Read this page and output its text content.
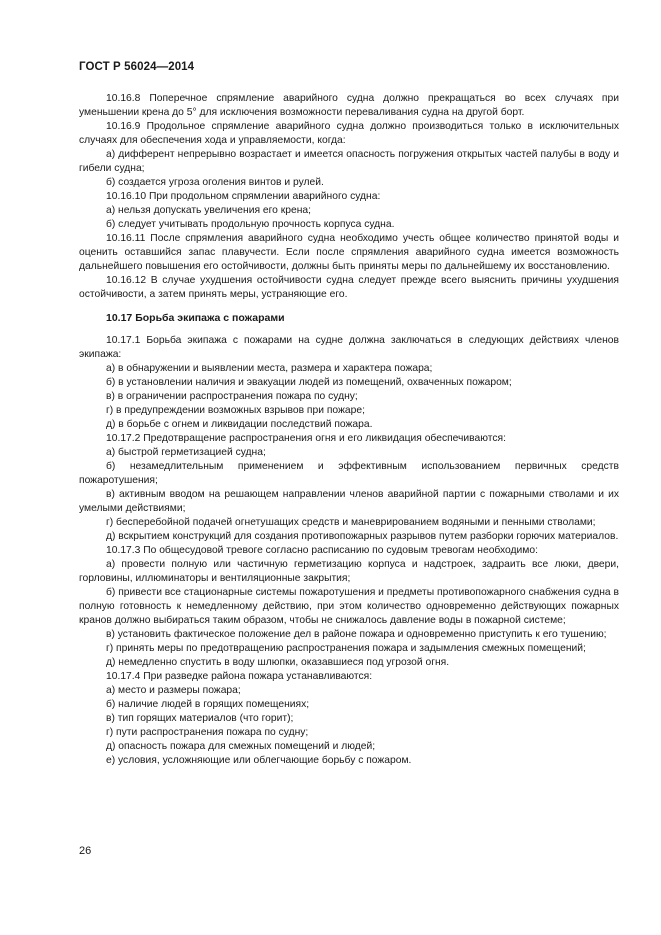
ГОСТ Р 56024—2014

10.16.8 Поперечное спрямление аварийного судна должно прекращаться во всех случаях при уменьшении крена до 5° для исключения возможности переваливания судна на другой борт.

10.16.9 Продольное спрямление аварийного судна должно производиться только в исключительных случаях для обеспечения хода и управляемости, когда:

а) дифферент непрерывно возрастает и имеется опасность погружения открытых частей палубы в воду и гибели судна;

б) создается угроза оголения винтов и рулей.

10.16.10 При продольном спрямлении аварийного судна:

а) нельзя допускать увеличения его крена;

б) следует учитывать продольную прочность корпуса судна.

10.16.11 После спрямления аварийного судна необходимо учесть общее количество принятой воды и оценить оставшийся запас плавучести. Если после спрямления аварийного судна имеется возможность дальнейшего повышения его остойчивости, должны быть приняты меры по дальнейшему их восстановлению.

10.16.12 В случае ухудшения остойчивости судна следует прежде всего выяснить причины ухудшения остойчивости, а затем принять меры, устраняющие его.

10.17 Борьба экипажа с пожарами

10.17.1 Борьба экипажа с пожарами на судне должна заключаться в следующих действиях членов экипажа:

а) в обнаружении и выявлении места, размера и характера пожара;

б) в установлении наличия и эвакуации людей из помещений, охваченных пожаром;

в) в ограничении распространения пожара по судну;

г) в предупреждении возможных взрывов при пожаре;

д) в борьбе с огнем и ликвидации последствий пожара.

10.17.2 Предотвращение распространения огня и его ликвидация обеспечиваются:

а) быстрой герметизацией судна;

б) незамедлительным применением и эффективным использованием первичных средств пожаротушения;

в) активным вводом на решающем направлении членов аварийной партии с пожарными стволами и их умелыми действиями;

г) бесперебойной подачей огнетушащих средств и маневрированием водяными и пенными стволами;

д) вскрытием конструкций для создания противопожарных разрывов путем разборки горючих материалов.

10.17.3 По общесудовой тревоге согласно расписанию по судовым тревогам необходимо:

а) провести полную или частичную герметизацию корпуса и надстроек, задраить все люки, двери, горловины, иллюминаторы и вентиляционные закрытия;

б) привести все стационарные системы пожаротушения и предметы противопожарного снабжения судна в полную готовность к немедленному действию, при этом количество одновременно действующих пожарных кранов должно выбираться таким образом, чтобы не снижалось давление воды в пожарной системе;

в) установить фактическое положение дел в районе пожара и одновременно приступить к его тушению;

г) принять меры по предотвращению распространения пожара и задымления смежных помещений;

д) немедленно спустить в воду шлюпки, оказавшиеся под угрозой огня.

10.17.4 При разведке района пожара устанавливаются:

а) место и размеры пожара;

б) наличие людей в горящих помещениях;

в) тип горящих материалов (что горит);

г) пути распространения пожара по судну;

д) опасность пожара для смежных помещений и людей;

е) условия, усложняющие или облегчающие борьбу с пожаром.

26
